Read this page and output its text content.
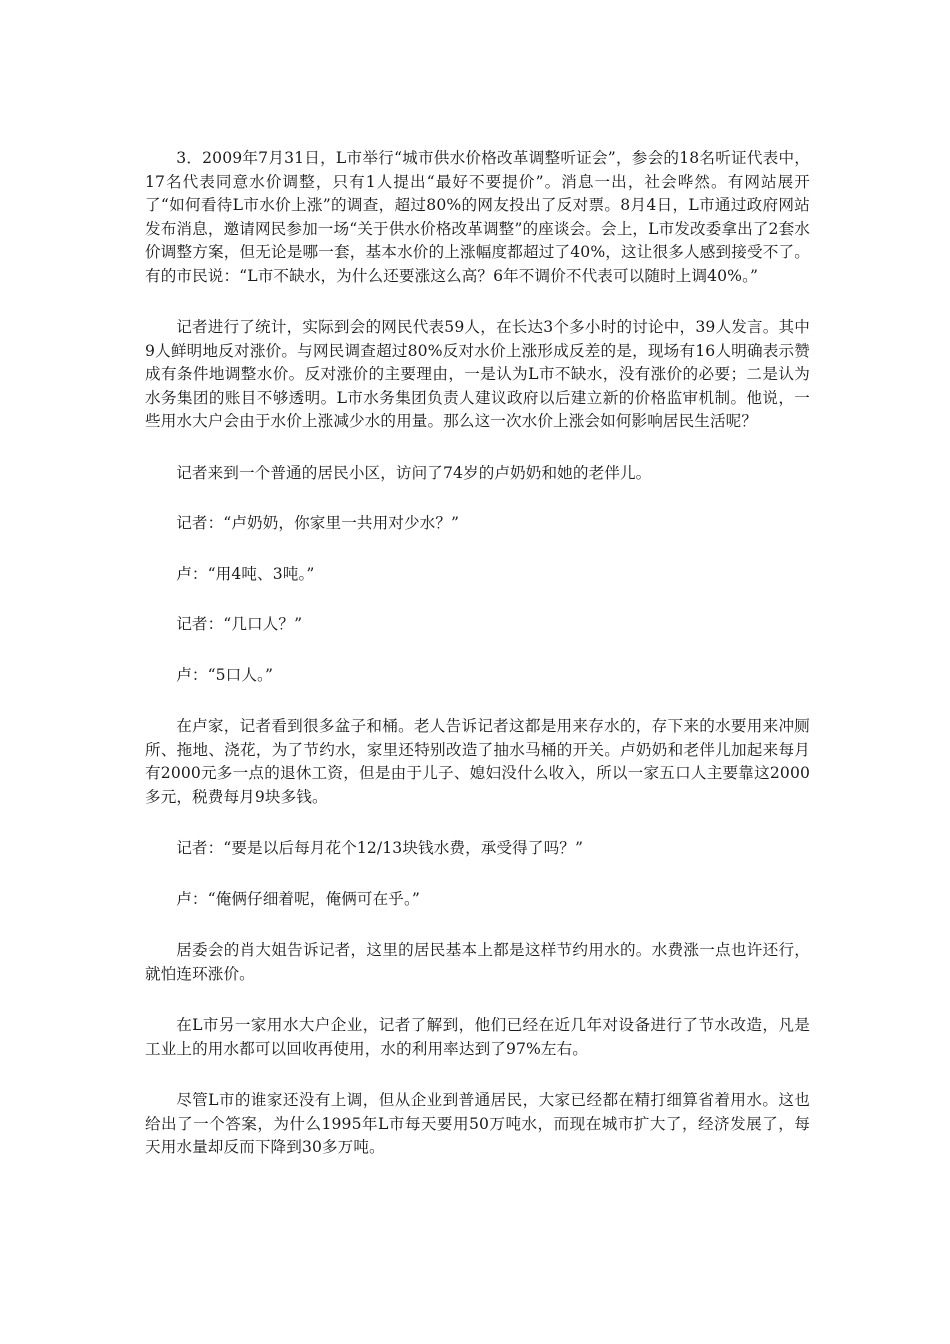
3．2009年7月31日，L市举行“城市供水价格改革调整听证会”，参会的18名听证代表中，17名代表同意水价调整，只有1人提出“最好不要提价”。消息一出，社会哗然。有网站展开了“如何看待L市水价上涨”的调查，超过80%的网友投出了反对票。8月4日，L市通过政府网站发布消息，邀请网民参加一场“关于供水价格改革调整”的座谈会。会上，L市发改委拿出了2套水价调整方案，但无论是哪一套，基本水价的上涨幅度都超过了40%，这让很多人感到接受不了。有的市民说：“L市不缺水，为什么还要涨这么高？6年不调价不代表可以随时上调40%。”

记者进行了统计，实际到会的网民代表59人，在长达3个多小时的讨论中，39人发言。其中9人鲜明地反对涨价。与网民调查超过80%反对水价上涨形成反差的是，现场有16人明确表示赞成有条件地调整水价。反对涨价的主要理由，一是认为L市不缺水，没有涨价的必要；二是认为水务集团的账目不够透明。L市水务集团负责人建议政府以后建立新的价格监审机制。他说，一些用水大户会由于水价上涨减少水的用量。那么这一次水价上涨会如何影响居民生活呢？

记者来到一个普通的居民小区，访问了74岁的卢奶奶和她的老伴儿。

记者：“卢奶奶，你家里一共用对少水？”

卢：“用4吨、3吨。”

记者：“几口人？”

卢：“5口人。”

在卢家，记者看到很多盆子和桶。老人告诉记者这都是用来存水的，存下来的水要用来冲厕所、拖地、浇花，为了节约水，家里还特别改造了抽水马桶的开关。卢奶奶和老伴儿加起来每月有2000元多一点的退休工资，但是由于儿子、媳妇没什么收入，所以一家五口人主要靠这2000多元，税费每月9块多钱。

记者：“要是以后每月花个12/13块钱水费，承受得了吗？”

卢：“俺俩仔细着呢，俺俩可在乎。”

居委会的肖大姐告诉记者，这里的居民基本上都是这样节约用水的。水费涨一点也许还行，就怕连环涨价。

在L市另一家用水大户企业，记者了解到，他们已经在近几年对设备进行了节水改造，凡是工业上的用水都可以回收再使用，水的利用率达到了97%左右。

尽管L市的谁家还没有上调，但从企业到普通居民，大家已经都在精打细算省着用水。这也给出了一个答案，为什么1995年L市每天要用50万吨水，而现在城市扩大了，经济发展了，每天用水量却反而下降到30多万吨。
